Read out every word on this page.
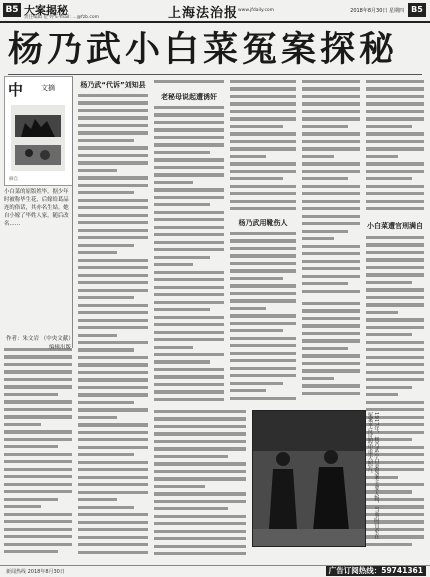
B5 大案揭秘
责任编辑 范 婷 E-mail: ...@fzb.com	上海法治报 www.jfdaily.com	2018年8月30日 星期四 B5
杨乃武小白菜冤案探秘
中	文摘
摘自

小白菜的原版姓毕，据少年时被称毕生花，后嫁给葛品连的俗话，其亦名生姑。她自小嫁了毕姓人家，随后改名……

作者：朱文岩 （中央文献）
杨乃武“代诉”刘知县
老秘母说起遭诱奸
杨乃武用靴伤人	小白菜遭官刑满自
1917年，杨乃武小白菜冤案主要人物，当事时官吏在冤案平反过程中重大照片。
新闻热线 2018年8月30日	广告订阅热线：59741361
